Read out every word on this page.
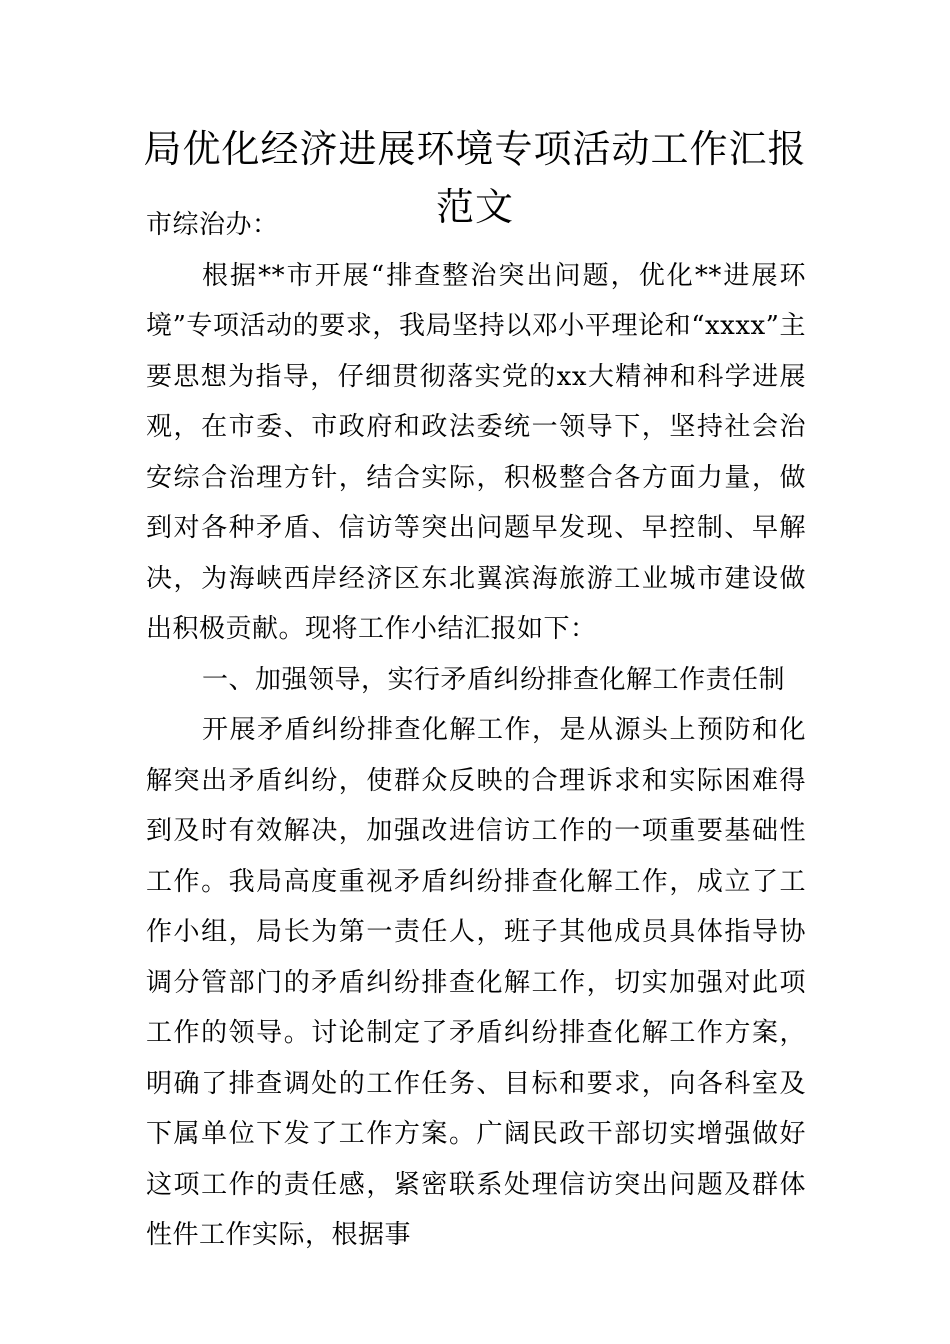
局优化经济进展环境专项活动工作汇报范文

市综治办：

根据**市开展“排查整治突出问题，优化**进展环境”专项活动的要求，我局坚持以邓小平理论和“xxxx”主要思想为指导，仔细贯彻落实党的xx大精神和科学进展观，在市委、市政府和政法委统一领导下，坚持社会治安综合治理方针，结合实际，积极整合各方面力量，做到对各种矛盾、信访等突出问题早发现、早控制、早解决，为海峡西岸经济区东北翼滨海旅游工业城市建设做出积极贡献。现将工作小结汇报如下：

一、加强领导，实行矛盾纠纷排查化解工作责任制

开展矛盾纠纷排查化解工作，是从源头上预防和化解突出矛盾纠纷，使群众反映的合理诉求和实际困难得到及时有效解决，加强改进信访工作的一项重要基础性工作。我局高度重视矛盾纠纷排查化解工作，成立了工作小组，局长为第一责任人，班子其他成员具体指导协调分管部门的矛盾纠纷排查化解工作，切实加强对此项工作的领导。讨论制定了矛盾纠纷排查化解工作方案，明确了排查调处的工作任务、目标和要求，向各科室及下属单位下发了工作方案。广阔民政干部切实增强做好这项工作的责任感，紧密联系处理信访突出问题及群体性件工作实际，根据事
